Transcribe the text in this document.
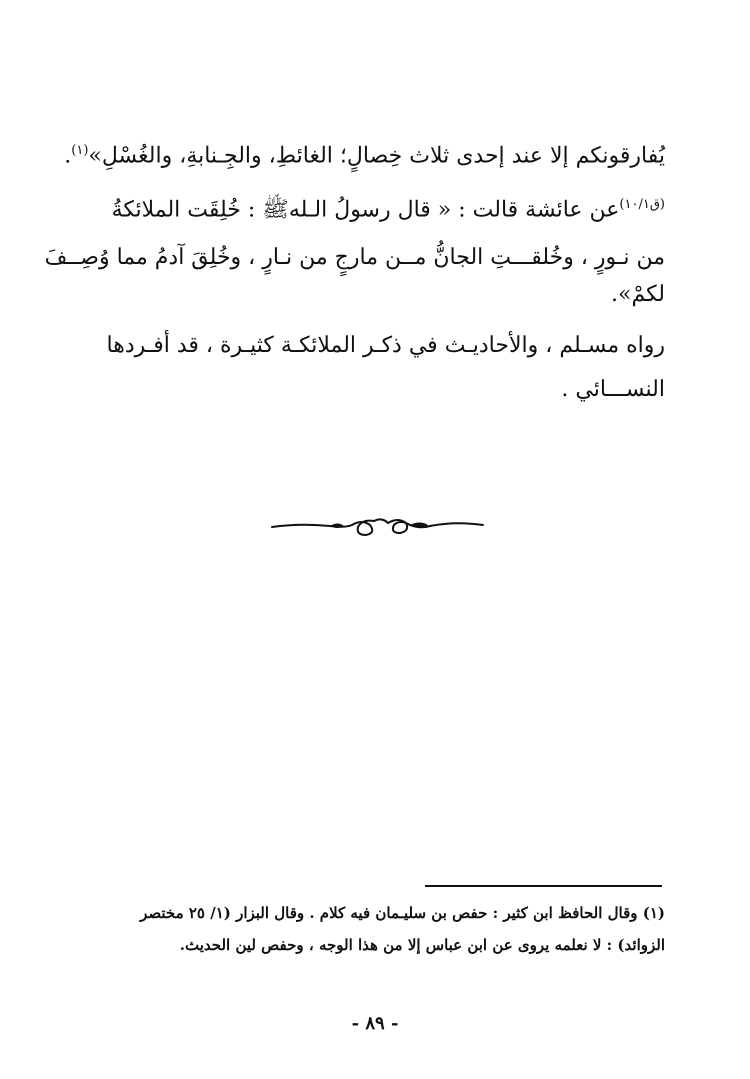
يُفارقونكم إلا عند إحدى ثلاث خِصالٍ؛ الغائطِ، والجِـنابةِ، والغُسْلِ»$^{(١)}$.
$^{(ق١٠/١)}$عن عائشة قالت : « قال رسولُ الـلهﷺ : خُلِقَت الملائكةُ
من نـورٍ ، وخُلقـــتِ الجانُّ مــن مارجٍ من نـارٍ ، وخُلِقَ آدمُ مما وُصِــفَ
لكمْ».
رواه مسـلم ، والأحاديـث في ذكـر الملائكـة كثيـرة ، قد أفـردها
النســـائي .
(١) وقال الحافظ ابن كثير : حفص بن سليـمان فيه كلام . وقال البزار (١/ ٢٥ مختصر
الزوائد) : لا نعلمه يروى عن ابن عباس إلا من هذا الوجه ، وحفص لين الحديث.
- ٨٩ -
